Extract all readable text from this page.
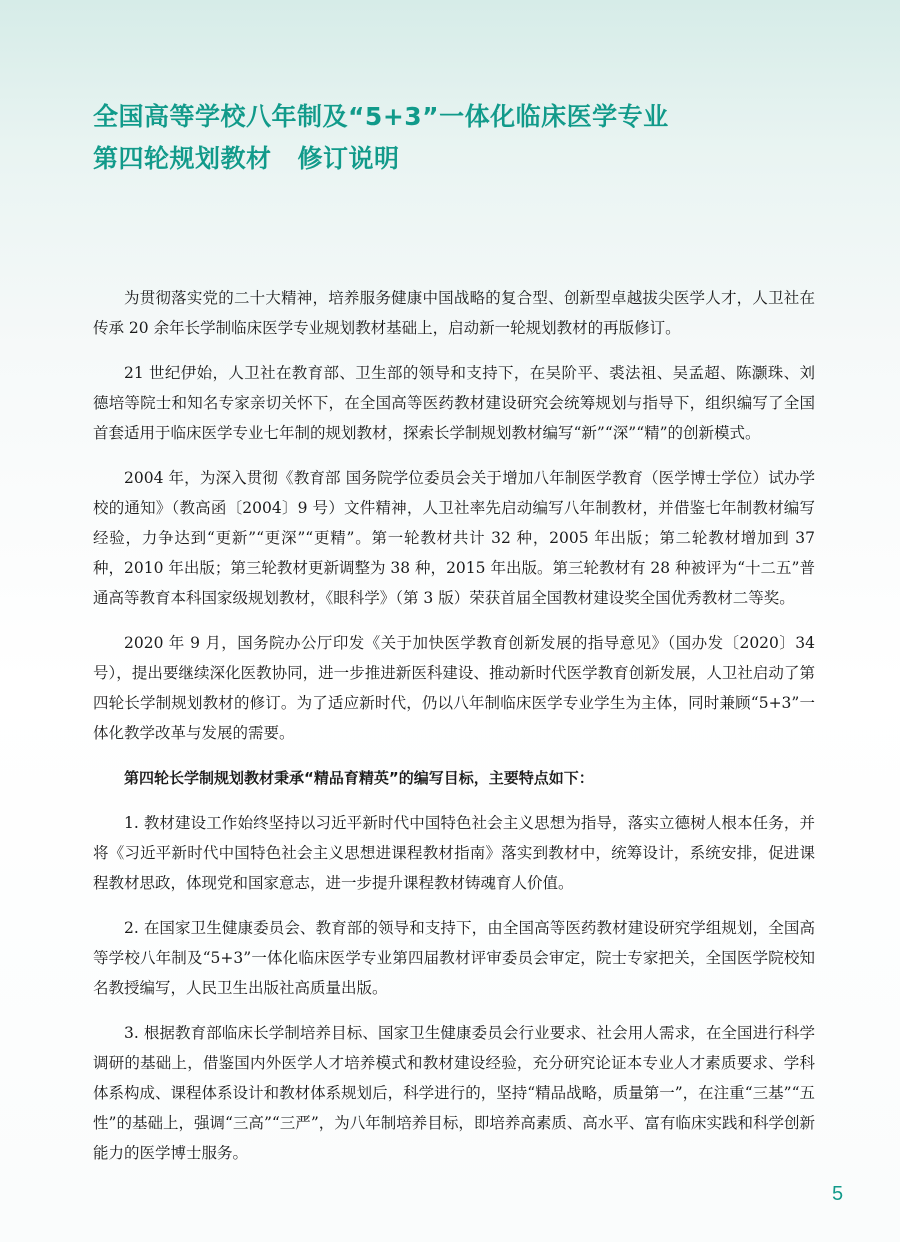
全国高等学校八年制及“5+3”一体化临床医学专业
第四轮规划教材 修订说明

为贯彻落实党的二十大精神，培养服务健康中国战略的复合型、创新型卓越拔尖医学人才，人卫社在传承 20 余年长学制临床医学专业规划教材基础上，启动新一轮规划教材的再版修订。

21 世纪伊始，人卫社在教育部、卫生部的领导和支持下，在吴阶平、裘法祖、吴孟超、陈灏珠、刘德培等院士和知名专家亲切关怀下，在全国高等医药教材建设研究会统筹规划与指导下，组织编写了全国首套适用于临床医学专业七年制的规划教材，探索长学制规划教材编写“新”“深”“精”的创新模式。

2004 年，为深入贯彻《教育部 国务院学位委员会关于增加八年制医学教育（医学博士学位）试办学校的通知》（教高函〔2004〕9 号）文件精神，人卫社率先启动编写八年制教材，并借鉴七年制教材编写经验，力争达到“更新”“更深”“更精”。第一轮教材共计 32 种，2005 年出版；第二轮教材增加到 37 种，2010 年出版；第三轮教材更新调整为 38 种，2015 年出版。第三轮教材有 28 种被评为“十二五”普通高等教育本科国家级规划教材，《眼科学》（第 3 版）荣获首届全国教材建设奖全国优秀教材二等奖。

2020 年 9 月，国务院办公厅印发《关于加快医学教育创新发展的指导意见》（国办发〔2020〕34 号），提出要继续深化医教协同，进一步推进新医科建设、推动新时代医学教育创新发展，人卫社启动了第四轮长学制规划教材的修订。为了适应新时代，仍以八年制临床医学专业学生为主体，同时兼顾“5+3”一体化教学改革与发展的需要。

第四轮长学制规划教材秉承“精品育精英”的编写目标，主要特点如下：

1. 教材建设工作始终坚持以习近平新时代中国特色社会主义思想为指导，落实立德树人根本任务，并将《习近平新时代中国特色社会主义思想进课程教材指南》落实到教材中，统筹设计，系统安排，促进课程教材思政，体现党和国家意志，进一步提升课程教材铸魂育人价值。

2. 在国家卫生健康委员会、教育部的领导和支持下，由全国高等医药教材建设研究学组规划，全国高等学校八年制及“5+3”一体化临床医学专业第四届教材评审委员会审定，院士专家把关，全国医学院校知名教授编写，人民卫生出版社高质量出版。

3. 根据教育部临床长学制培养目标、国家卫生健康委员会行业要求、社会用人需求，在全国进行科学调研的基础上，借鉴国内外医学人才培养模式和教材建设经验，充分研究论证本专业人才素质要求、学科体系构成、课程体系设计和教材体系规划后，科学进行的，坚持“精品战略，质量第一”，在注重“三基”“五性”的基础上，强调“三高”“三严”，为八年制培养目标，即培养高素质、高水平、富有临床实践和科学创新能力的医学博士服务。

5
